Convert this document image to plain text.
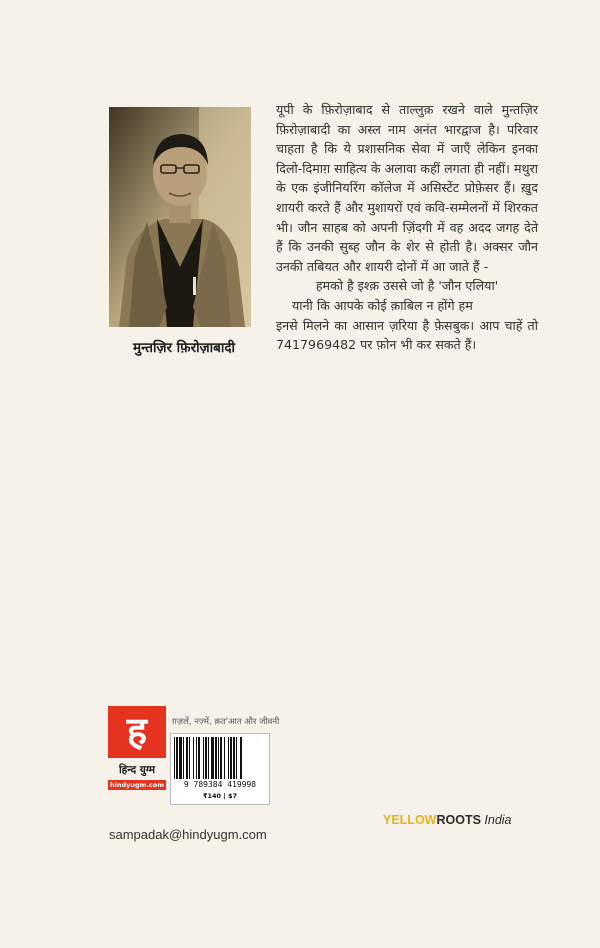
मुन्तज़िर फ़िरोज़ाबादी

यूपी के फ़िरोज़ाबाद से ताल्लुक़ रखने वाले मुन्तज़िर फ़िरोज़ाबादी का अस्ल नाम अनंत भारद्वाज है। परिवार चाहता है कि ये प्रशासनिक सेवा में जाएँ लेकिन इनका दिलो-दिमाग़ साहित्य के अलावा कहीं लगता ही नहीं। मथुरा के एक इंजीनियरिंग कॉलेज में असिस्टेंट प्रोफ़ेसर हैं। ख़ुद शायरी करते हैं और मुशायरों एवं कवि-सम्मेलनों में शिरकत भी। जौन साहब को अपनी ज़िंदगी में वह अदद जगह देते हैं कि उनकी सुब्ह जौन के शेर से होती है। अक्सर जौन उनकी तबियत और शायरी दोनों में आ जाते हैं -

हमको है इश्क़ उससे जो है 'जौन एलिया'

यानी कि आपके कोई क़ाबिल न होंगे हम

इनसे मिलने का आसान ज़रिया है फ़ेसबुक। आप चाहें तो 7417969482 पर फ़ोन भी कर सकते हैं।

ह
हिन्द युग्म
hindyugm.com
ग़ज़लें, नज़्में, क़त'आत और जीवनी
9 789384 419998
₹140 | $7
sampadak@hindyugm.com
YELLOWROOTS India
